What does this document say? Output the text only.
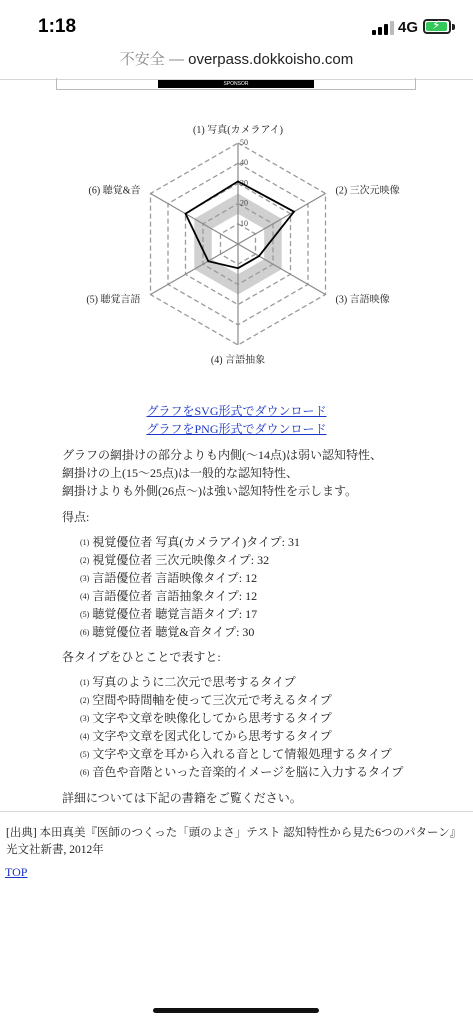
1:18	4G ⚡
不安全 — overpass.dokkoisho.com
SPONSOR
10
20
30
40
50
(1) 写真(カメラアイ)
(2) 三次元映像
(3) 言語映像
(4) 言語抽象
(5) 聴覚言語
(6) 聴覚&音
グラフをSVG形式でダウンロード
グラフをPNG形式でダウンロード
グラフの網掛けの部分よりも内側(〜14点)は弱い認知特性、
網掛けの上(15〜25点)は一般的な認知特性、
網掛けよりも外側(26点〜)は強い認知特性を示します。
得点:
(1) 視覚優位者 写真(カメラアイ)タイプ: 31
(2) 視覚優位者 三次元映像タイプ: 32
(3) 言語優位者 言語映像タイプ: 12
(4) 言語優位者 言語抽象タイプ: 12
(5) 聴覚優位者 聴覚言語タイプ: 17
(6) 聴覚優位者 聴覚&音タイプ: 30
各タイプをひとことで表すと:
(1) 写真のように二次元で思考するタイプ
(2) 空間や時間軸を使って三次元で考えるタイプ
(3) 文字や文章を映像化してから思考するタイプ
(4) 文字や文章を図式化してから思考するタイプ
(5) 文字や文章を耳から入れる音として情報処理するタイプ
(6) 音色や音階といった音楽的イメージを脳に入力するタイプ
詳細については下記の書籍をご覧ください。
[出典] 本田真美『医師のつくった「頭のよさ」テスト 認知特性から見た6つのパターン』
光文社新書, 2012年
TOP
